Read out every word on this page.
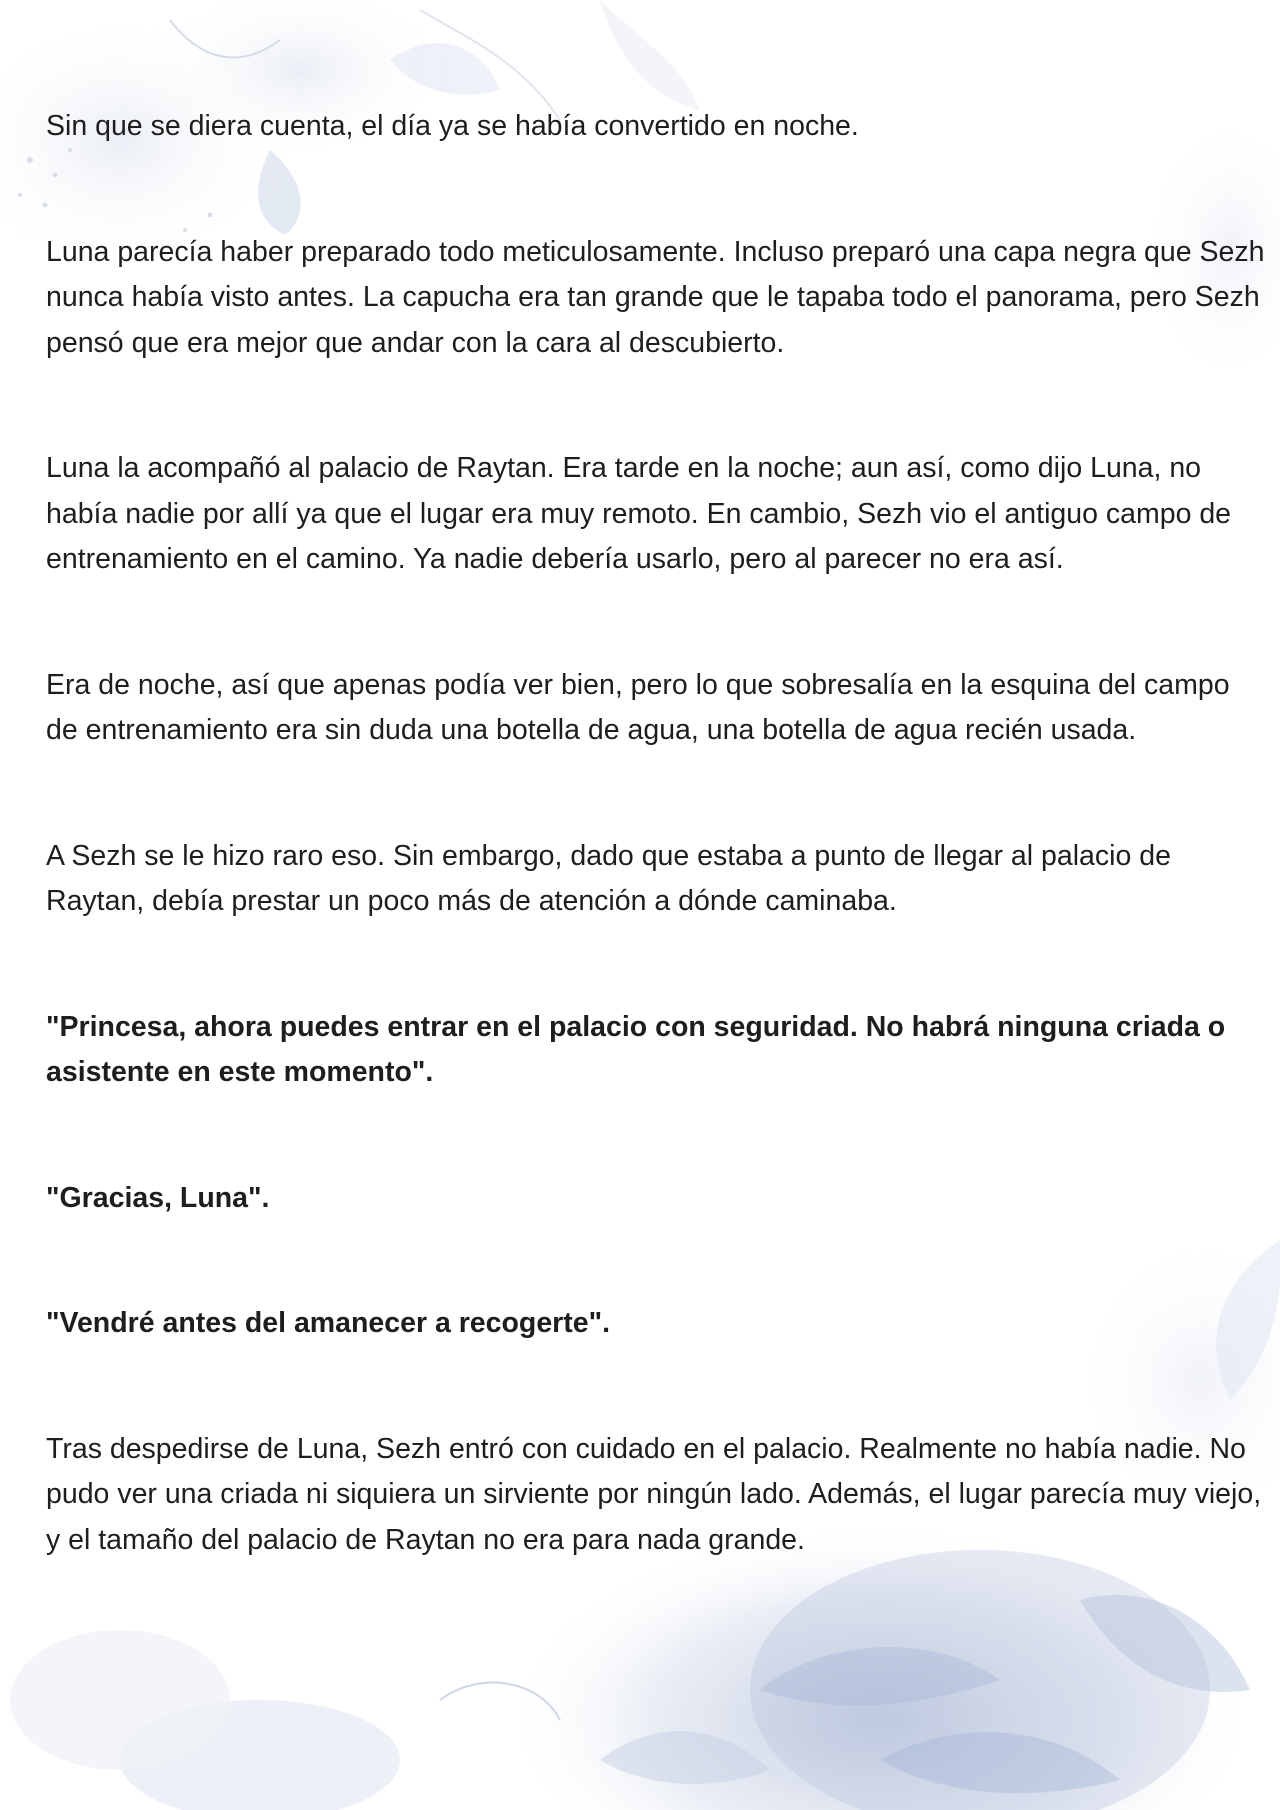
Sin que se diera cuenta, el día ya se había convertido en noche.

Luna parecía haber preparado todo meticulosamente. Incluso preparó una capa negra que Sezh nunca había visto antes. La capucha era tan grande que le tapaba todo el panorama, pero Sezh pensó que era mejor que andar con la cara al descubierto.

Luna la acompañó al palacio de Raytan. Era tarde en la noche; aun así, como dijo Luna, no había nadie por allí ya que el lugar era muy remoto. En cambio, Sezh vio el antiguo campo de entrenamiento en el camino. Ya nadie debería usarlo, pero al parecer no era así.

Era de noche, así que apenas podía ver bien, pero lo que sobresalía en la esquina del campo de entrenamiento era sin duda una botella de agua, una botella de agua recién usada.

A Sezh se le hizo raro eso. Sin embargo, dado que estaba a punto de llegar al palacio de Raytan, debía prestar un poco más de atención a dónde caminaba.

"Princesa, ahora puedes entrar en el palacio con seguridad. No habrá ninguna criada o asistente en este momento".

"Gracias, Luna".

"Vendré antes del amanecer a recogerte".

Tras despedirse de Luna, Sezh entró con cuidado en el palacio. Realmente no había nadie. No pudo ver una criada ni siquiera un sirviente por ningún lado. Además, el lugar parecía muy viejo, y el tamaño del palacio de Raytan no era para nada grande.
